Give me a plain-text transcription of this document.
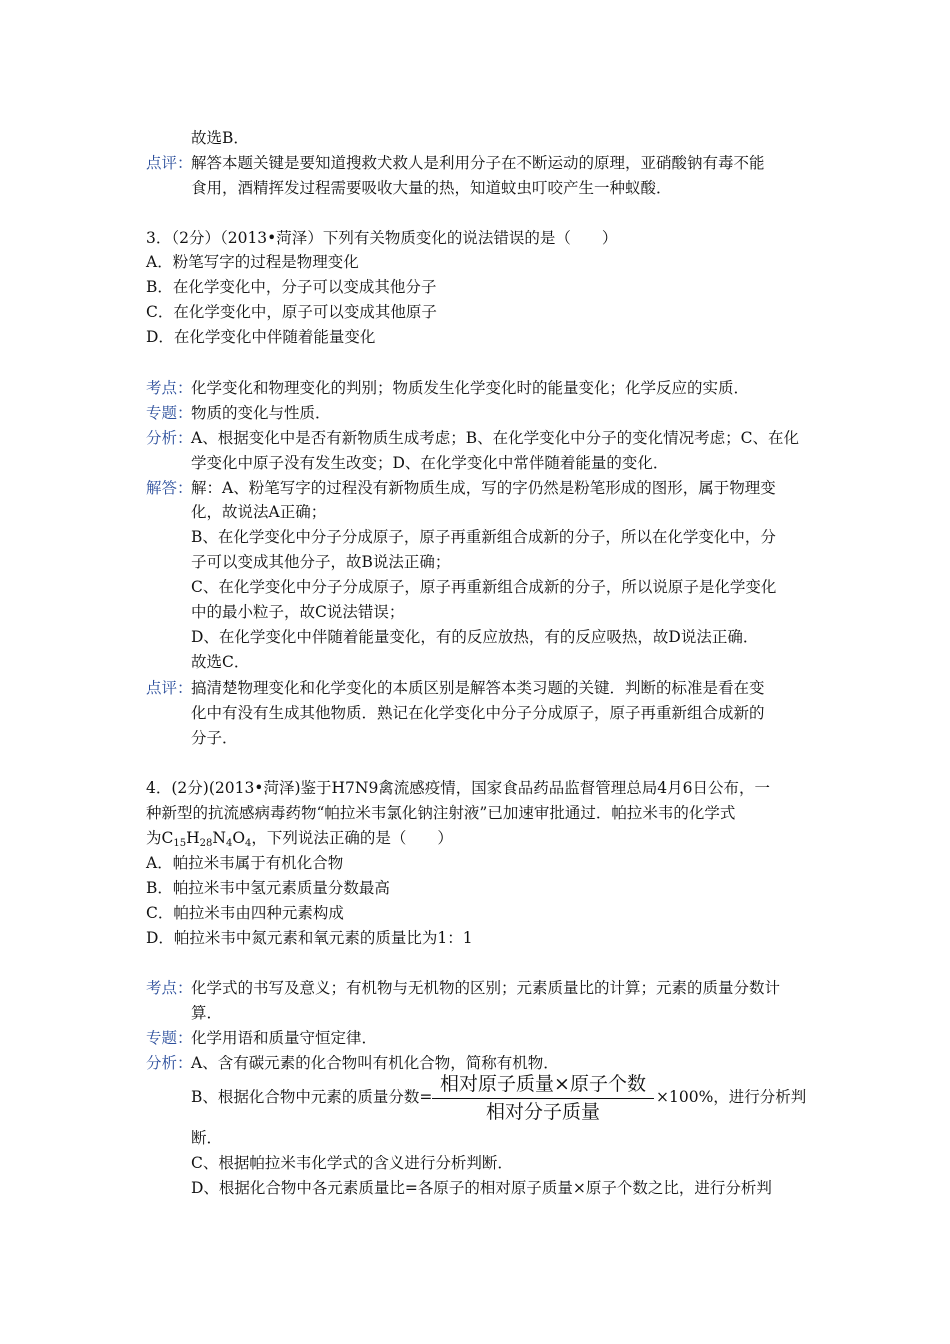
故选B．
点评：
解答本题关键是要知道搜救犬救人是利用分子在不断运动的原理，亚硝酸钠有毒不能
食用，酒精挥发过程需要吸收大量的热，知道蚊虫叮咬产生一种蚁酸．
3．（2分）（2013•菏泽）下列有关物质变化的说法错误的是（　　）
A．粉笔写字的过程是物理变化
B．在化学变化中，分子可以变成其他分子
C．在化学变化中，原子可以变成其他原子
D．在化学变化中伴随着能量变化
考点：
化学变化和物理变化的判别；物质发生化学变化时的能量变化；化学反应的实质．
专题：
物质的变化与性质．
分析：
A、根据变化中是否有新物质生成考虑；B、在化学变化中分子的变化情况考虑；C、在化
学变化中原子没有发生改变；D、在化学变化中常伴随着能量的变化．
解答：
解：A、粉笔写字的过程没有新物质生成，写的字仍然是粉笔形成的图形，属于物理变
化，故说法A正确；
B、在化学变化中分子分成原子，原子再重新组合成新的分子，所以在化学变化中，分
子可以变成其他分子，故B说法正确；
C、在化学变化中分子分成原子，原子再重新组合成新的分子，所以说原子是化学变化
中的最小粒子，故C说法错误；
D、在化学变化中伴随着能量变化，有的反应放热，有的反应吸热，故D说法正确．
故选C．
点评：
搞清楚物理变化和化学变化的本质区别是解答本类习题的关键．判断的标准是看在变
化中有没有生成其他物质．熟记在化学变化中分子分成原子，原子再重新组合成新的
分子．
4．(2分)(2013•菏泽)鉴于H7N9禽流感疫情，国家食品药品监督管理总局4月6日公布，一
种新型的抗流感病毒药物“帕拉米韦氯化钠注射液”已加速审批通过．帕拉米韦的化学式
为$C_{15}H_{28}N_4O_4$，下列说法正确的是（　　）
A．帕拉米韦属于有机化合物
B．帕拉米韦中氢元素质量分数最高
C．帕拉米韦由四种元素构成
D．帕拉米韦中氮元素和氧元素的质量比为1：1
考点：
化学式的书写及意义；有机物与无机物的区别；元素质量比的计算；元素的质量分数计
算．
专题：
化学用语和质量守恒定律．
分析：
A、含有碳元素的化合物叫有机化合物，简称有机物．
B、根据化合物中元素的质量分数=
相对原子质量×原子个数
相对分子质量
×100%，进行分析判
断．
C、根据帕拉米韦化学式的含义进行分析判断．
D、根据化合物中各元素质量比=各原子的相对原子质量×原子个数之比，进行分析判
